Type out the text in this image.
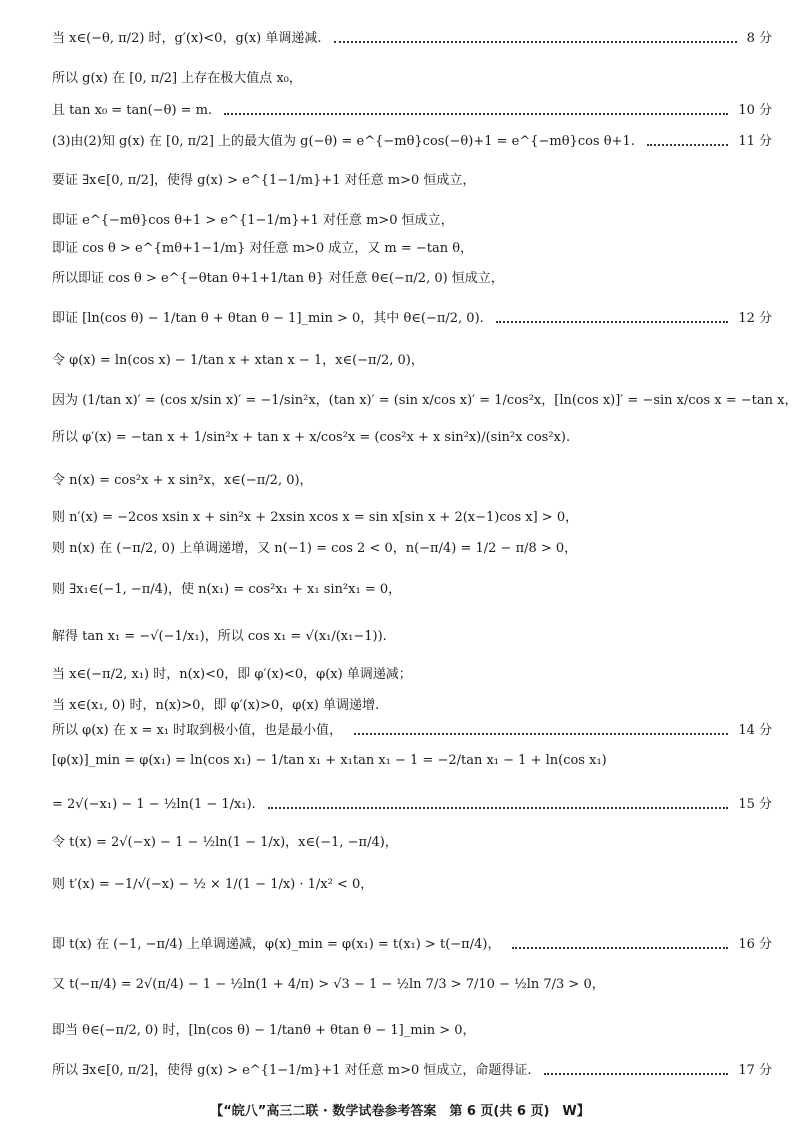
当 x∈(−θ, π/2) 时，g′(x)<0，g(x) 单调递减.	8 分
所以 g(x) 在 [0, π/2] 上存在极大值点 x₀，
且 tan x₀ = tan(−θ) = m.	10 分
(3)由(2)知 g(x) 在 [0, π/2] 上的最大值为 g(−θ) = e^{−mθ}cos(−θ)+1 = e^{−mθ}cos θ+1.	11 分
要证 ∃x∈[0, π/2]，使得 g(x) > e^{1−1/m}+1 对任意 m>0 恒成立，
即证 e^{−mθ}cos θ+1 > e^{1−1/m}+1 对任意 m>0 恒成立，
即证 cos θ > e^{mθ+1−1/m} 对任意 m>0 成立，又 m = −tan θ，
所以即证 cos θ > e^{−θtan θ+1+1/tan θ} 对任意 θ∈(−π/2, 0) 恒成立，
即证 [ln(cos θ) − 1/tan θ + θtan θ − 1]_min > 0，其中 θ∈(−π/2, 0).	12 分
令 φ(x) = ln(cos x) − 1/tan x + xtan x − 1，x∈(−π/2, 0)，
因为 (1/tan x)′ = (cos x/sin x)′ = −1/sin²x，(tan x)′ = (sin x/cos x)′ = 1/cos²x，[ln(cos x)]′ = −sin x/cos x = −tan x，
所以 φ′(x) = −tan x + 1/sin²x + tan x + x/cos²x = (cos²x + x sin²x)/(sin²x cos²x).
令 n(x) = cos²x + x sin²x，x∈(−π/2, 0)，
则 n′(x) = −2cos xsin x + sin²x + 2xsin xcos x = sin x[sin x + 2(x−1)cos x] > 0，
则 n(x) 在 (−π/2, 0) 上单调递增，又 n(−1) = cos 2 < 0，n(−π/4) = 1/2 − π/8 > 0，
则 ∃x₁∈(−1, −π/4)，使 n(x₁) = cos²x₁ + x₁ sin²x₁ = 0，
解得 tan x₁ = −√(−1/x₁)，所以 cos x₁ = √(x₁/(x₁−1)).
当 x∈(−π/2, x₁) 时，n(x)<0，即 φ′(x)<0，φ(x) 单调递减；
当 x∈(x₁, 0) 时，n(x)>0，即 φ′(x)>0，φ(x) 单调递增.
所以 φ(x) 在 x = x₁ 时取到极小值，也是最小值，	14 分
[φ(x)]_min = φ(x₁) = ln(cos x₁) − 1/tan x₁ + x₁tan x₁ − 1 = −2/tan x₁ − 1 + ln(cos x₁)
= 2√(−x₁) − 1 − ½ln(1 − 1/x₁).	15 分
令 t(x) = 2√(−x) − 1 − ½ln(1 − 1/x)，x∈(−1, −π/4)，
则 t′(x) = −1/√(−x) − ½ × 1/(1 − 1/x) · 1/x² < 0，
即 t(x) 在 (−1, −π/4) 上单调递减，φ(x)_min = φ(x₁) = t(x₁) > t(−π/4)，	16 分
又 t(−π/4) = 2√(π/4) − 1 − ½ln(1 + 4/π) > √3 − 1 − ½ln 7/3 > 7/10 − ½ln 7/3 > 0，
即当 θ∈(−π/2, 0) 时，[ln(cos θ) − 1/tanθ + θtan θ − 1]_min > 0，
所以 ∃x∈[0, π/2]，使得 g(x) > e^{1−1/m}+1 对任意 m>0 恒成立，命题得证.	17 分
【“皖八”高三二联 · 数学试卷参考答案　第 6 页(共 6 页)　W】
